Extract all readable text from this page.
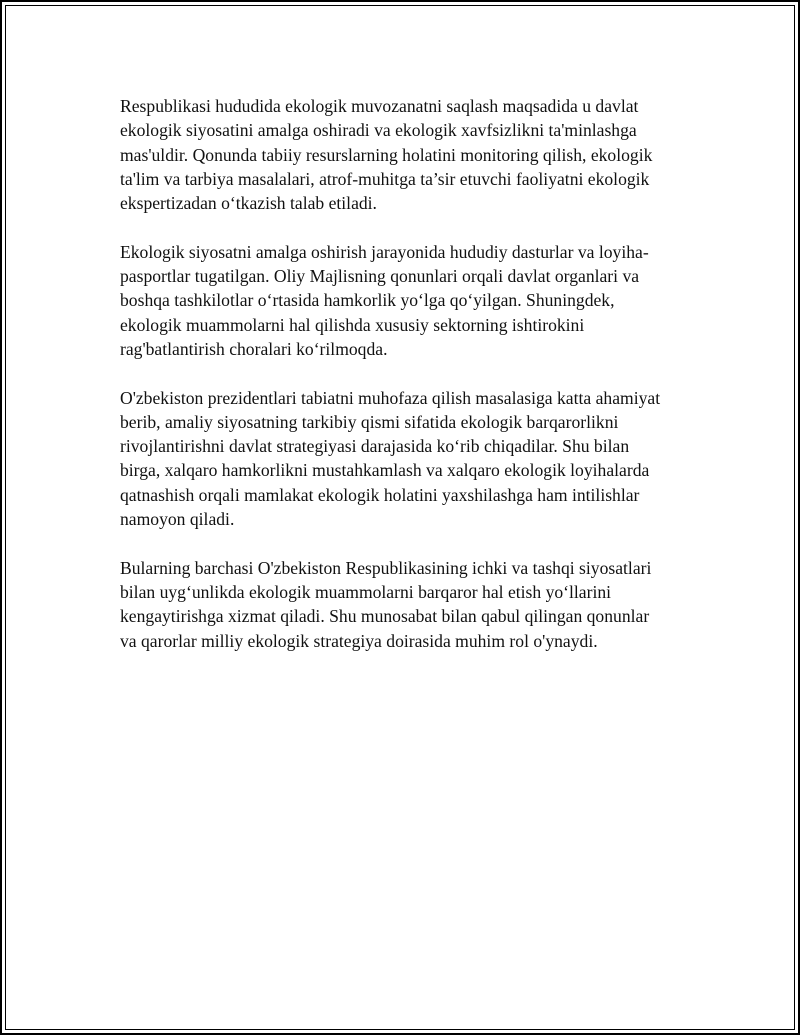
Respublikasi hududida ekologik muvozanatni saqlash maqsadida u davlat
ekologik siyosatini amalga oshiradi va ekologik xavfsizlikni ta'minlashga
mas'uldir. Qonunda tabiiy resurslarning holatini monitoring qilish, ekologik
ta'lim va tarbiya masalalari, atrof-muhitga ta’sir etuvchi faoliyatni ekologik
ekspertizadan o‘tkazish talab etiladi.

Ekologik siyosatni amalga oshirish jarayonida hududiy dasturlar va loyiha-
pasportlar tugatilgan. Oliy Majlisning qonunlari orqali davlat organlari va
boshqa tashkilotlar o‘rtasida hamkorlik yo‘lga qo‘yilgan. Shuningdek,
ekologik muammolarni hal qilishda xususiy sektorning ishtirokini
rag'batlantirish choralari ko‘rilmoqda.

O'zbekiston prezidentlari tabiatni muhofaza qilish masalasiga katta ahamiyat
berib, amaliy siyosatning tarkibiy qismi sifatida ekologik barqarorlikni
rivojlantirishni davlat strategiyasi darajasida ko‘rib chiqadilar. Shu bilan
birga, xalqaro hamkorlikni mustahkamlash va xalqaro ekologik loyihalarda
qatnashish orqali mamlakat ekologik holatini yaxshilashga ham intilishlar
namoyon qiladi.

Bularning barchasi O'zbekiston Respublikasining ichki va tashqi siyosatlari
bilan uyg‘unlikda ekologik muammolarni barqaror hal etish yo‘llarini
kengaytirishga xizmat qiladi. Shu munosabat bilan qabul qilingan qonunlar
va qarorlar milliy ekologik strategiya doirasida muhim rol o'ynaydi.
